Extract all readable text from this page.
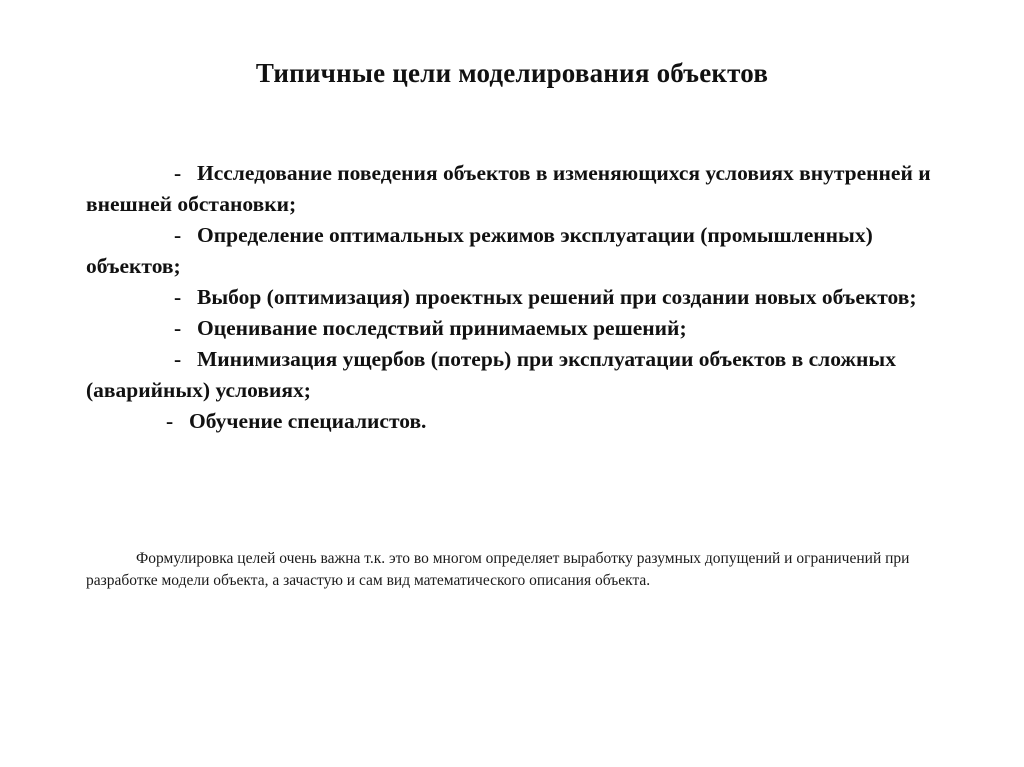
Типичные цели моделирования объектов
- Исследование поведения объектов в изменяющихся условиях внутренней и внешней обстановки;
- Определение оптимальных режимов эксплуатации (промышленных) объектов;
- Выбор (оптимизация) проектных решений при создании новых объектов;
- Оценивание последствий принимаемых решений;
- Минимизация ущербов (потерь) при эксплуатации объектов в сложных (аварийных) условиях;
- Обучение специалистов.
Формулировка целей очень важна т.к. это во многом определяет выработку разумных допущений и ограничений при разработке модели объекта, а зачастую и сам вид математического описания объекта.
